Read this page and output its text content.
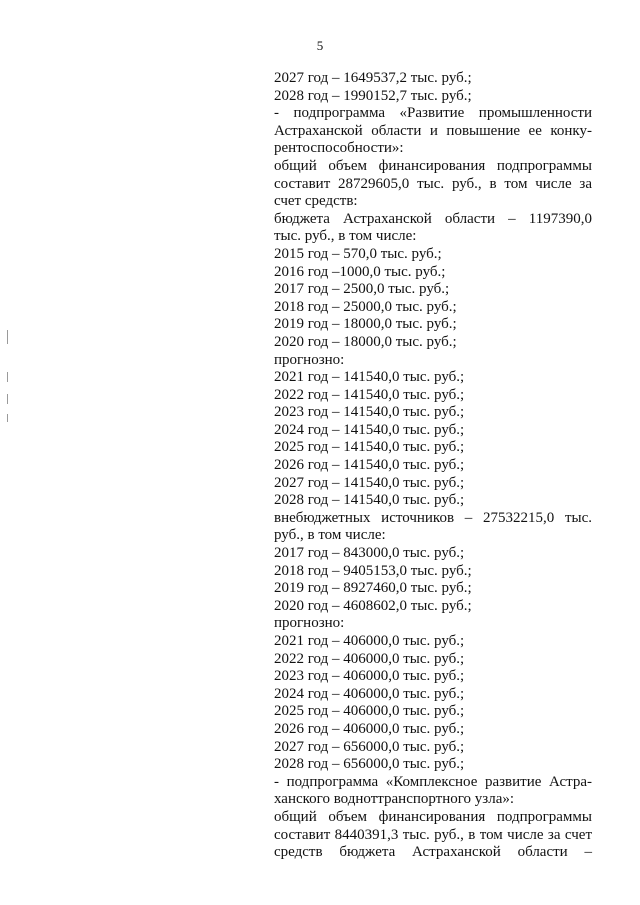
5
2027 год – 1649537,2 тыс. руб.;
2028 год – 1990152,7 тыс. руб.;
- подпрограмма «Развитие промышленности
Астраханской области и повышение ее конку-
рентоспособности»:
общий объем финансирования подпрограммы
составит 28729605,0 тыс. руб., в том числе за
счет средств:
бюджета Астраханской области – 1197390,0
тыс. руб., в том числе:
2015 год – 570,0 тыс. руб.;
2016 год –1000,0 тыс. руб.;
2017 год – 2500,0 тыс. руб.;
2018 год – 25000,0 тыс. руб.;
2019 год – 18000,0 тыс. руб.;
2020 год – 18000,0 тыс. руб.;
прогнозно:
2021 год – 141540,0 тыс. руб.;
2022 год – 141540,0 тыс. руб.;
2023 год – 141540,0 тыс. руб.;
2024 год – 141540,0 тыс. руб.;
2025 год – 141540,0 тыс. руб.;
2026 год – 141540,0 тыс. руб.;
2027 год – 141540,0 тыс. руб.;
2028 год – 141540,0 тыс. руб.;
внебюджетных источников – 27532215,0 тыс.
руб., в том числе:
2017 год – 843000,0 тыс. руб.;
2018 год – 9405153,0 тыс. руб.;
2019 год – 8927460,0 тыс. руб.;
2020 год – 4608602,0 тыс. руб.;
прогнозно:
2021 год – 406000,0 тыс. руб.;
2022 год – 406000,0 тыс. руб.;
2023 год – 406000,0 тыс. руб.;
2024 год – 406000,0 тыс. руб.;
2025 год – 406000,0 тыс. руб.;
2026 год – 406000,0 тыс. руб.;
2027 год – 656000,0 тыс. руб.;
2028 год – 656000,0 тыс. руб.;
- подпрограмма «Комплексное развитие Астра-
ханского водноттранспортного узла»:
общий объем финансирования подпрограммы
составит 8440391,3 тыс. руб., в том числе за счет
средств бюджета Астраханской области –
